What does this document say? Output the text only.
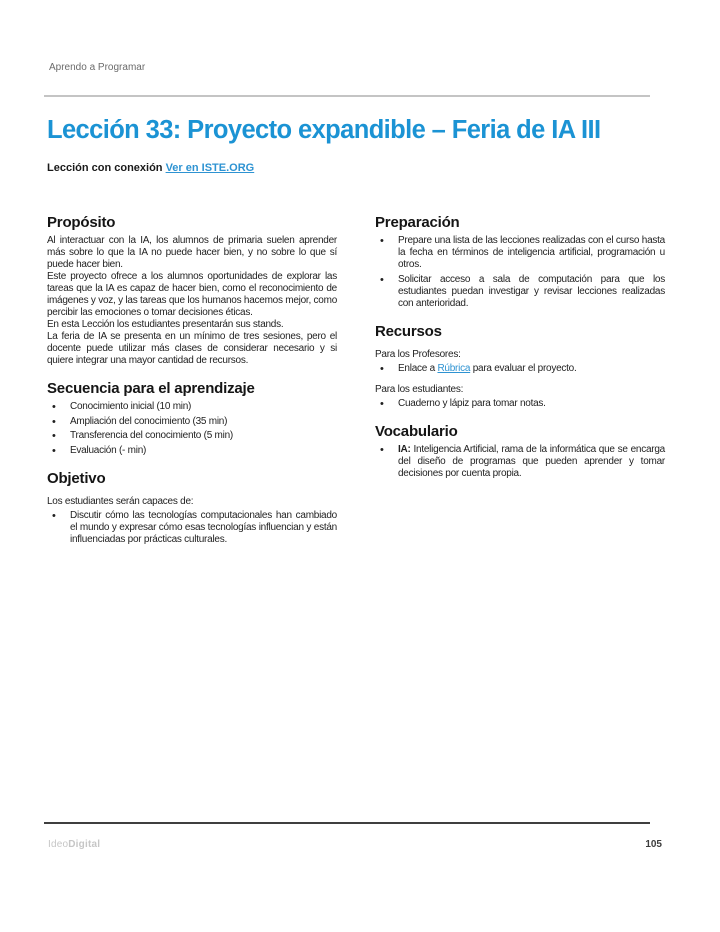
Aprendo a Programar
Lección 33: Proyecto expandible – Feria de IA III

Lección con conexión Ver en ISTE.ORG

Propósito

Al interactuar con la IA, los alumnos de primaria suelen aprender más sobre lo que la IA no puede hacer bien, y no sobre lo que sí puede hacer bien.

Este proyecto ofrece a los alumnos oportunidades de explorar las tareas que la IA es capaz de hacer bien, como el reconocimiento de imágenes y voz, y las tareas que los humanos hacemos mejor, como percibir las emociones o tomar decisiones éticas.

En esta Lección los estudiantes presentarán sus stands.

La feria de IA se presenta en un mínimo de tres sesiones, pero el docente puede utilizar más clases de considerar necesario y si quiere integrar una mayor cantidad de recursos.

Secuencia para el aprendizaje
• Conocimiento inicial (10 min)
• Ampliación del conocimiento (35 min)
• Transferencia del conocimiento (5 min)
• Evaluación (- min)
Objetivo

Los estudiantes serán capaces de:

• Discutir cómo las tecnologías computacionales han cambiado el mundo y expresar cómo esas tecnologías influencian y están influenciadas por prácticas culturales.
Preparación
• Prepare una lista de las lecciones realizadas con el curso hasta la fecha en términos de inteligencia artificial, programación u otros.
• Solicitar acceso a sala de computación para que los estudiantes puedan investigar y revisar lecciones realizadas con anterioridad.
Recursos

Para los Profesores:

• Enlace a Rúbrica para evaluar el proyecto.

Para los estudiantes:

• Cuaderno y lápiz para tomar notas.
Vocabulario
• IA: Inteligencia Artificial, rama de la informática que se encarga del diseño de programas que pueden aprender y tomar decisiones por cuenta propia.
IdeoDigital	105
